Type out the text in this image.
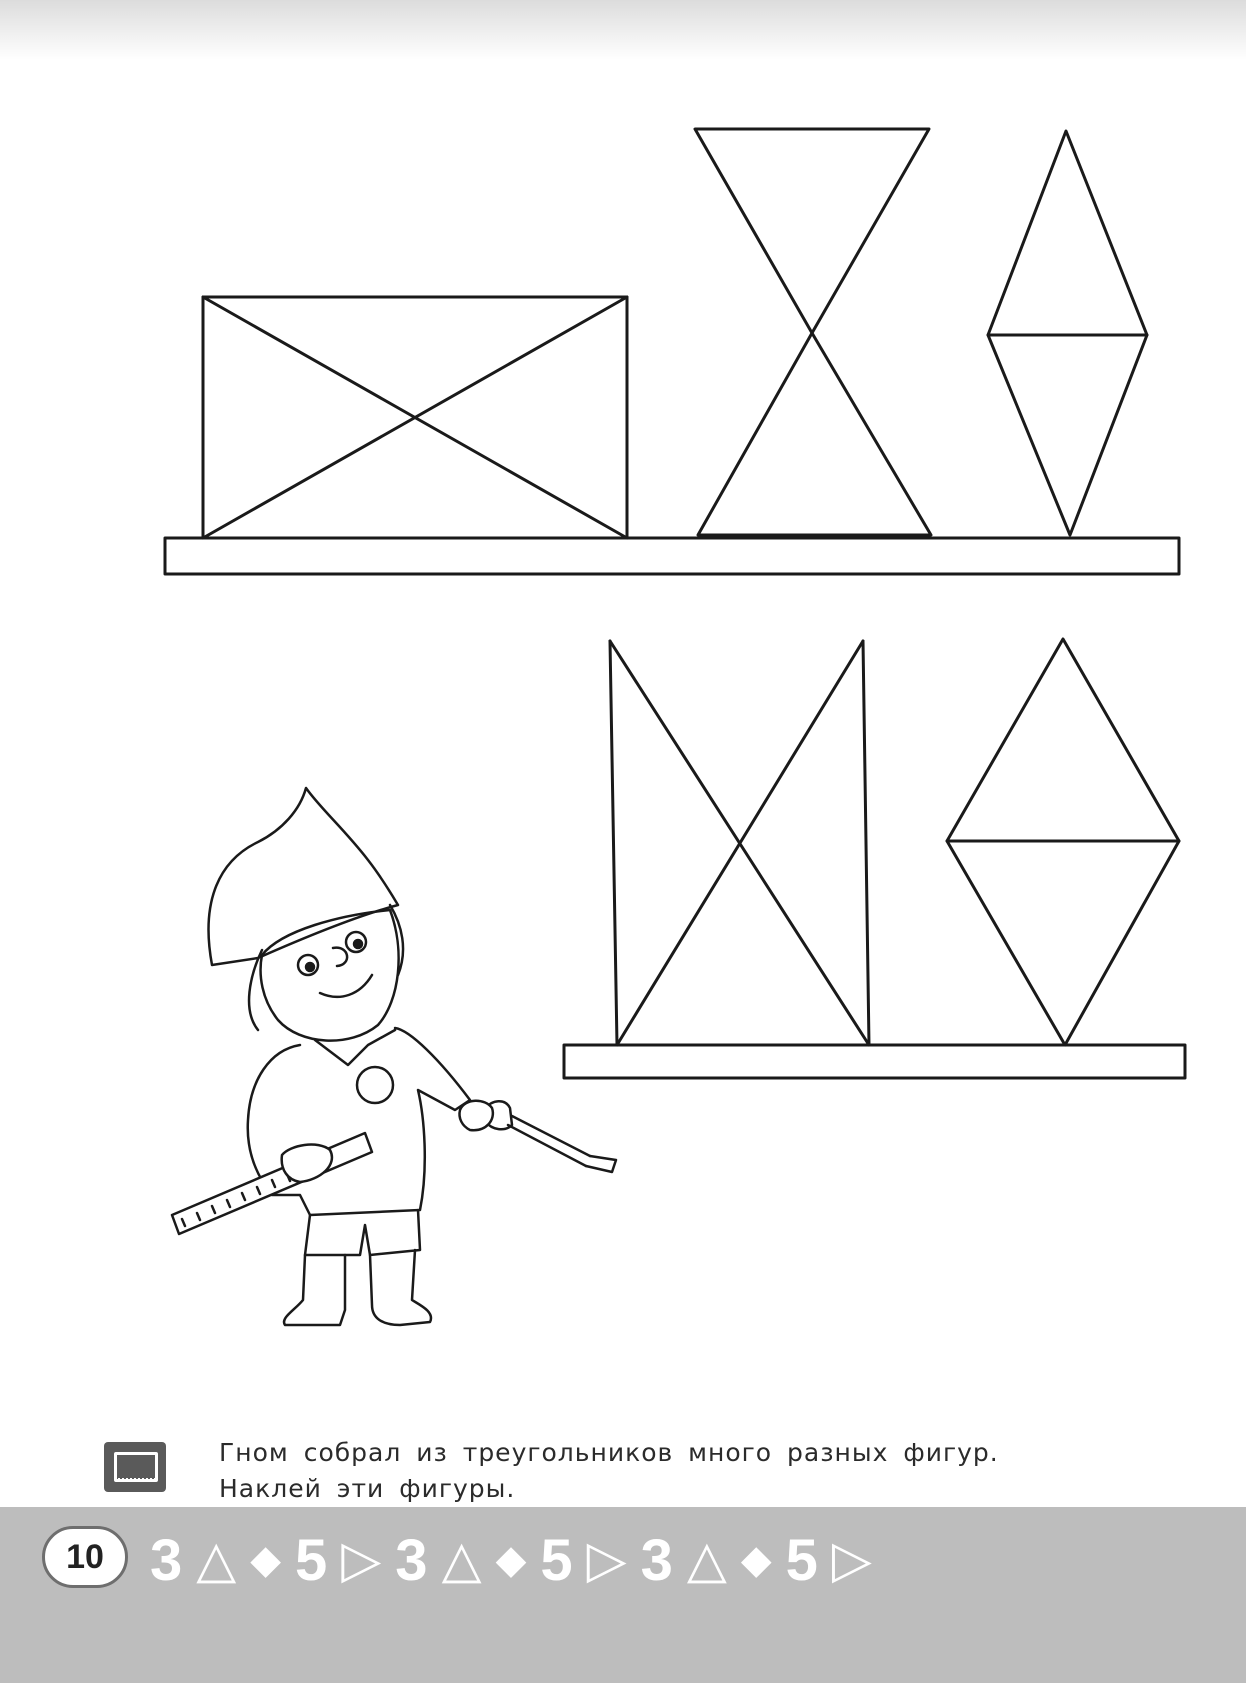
Гном собрал из треугольников много разных фигур.
Наклей эти фигуры.
10 3 △ ◆ 5 ▷ 3 △ ◆ 5 ▷ 3 △ ◆ 5 ▷
